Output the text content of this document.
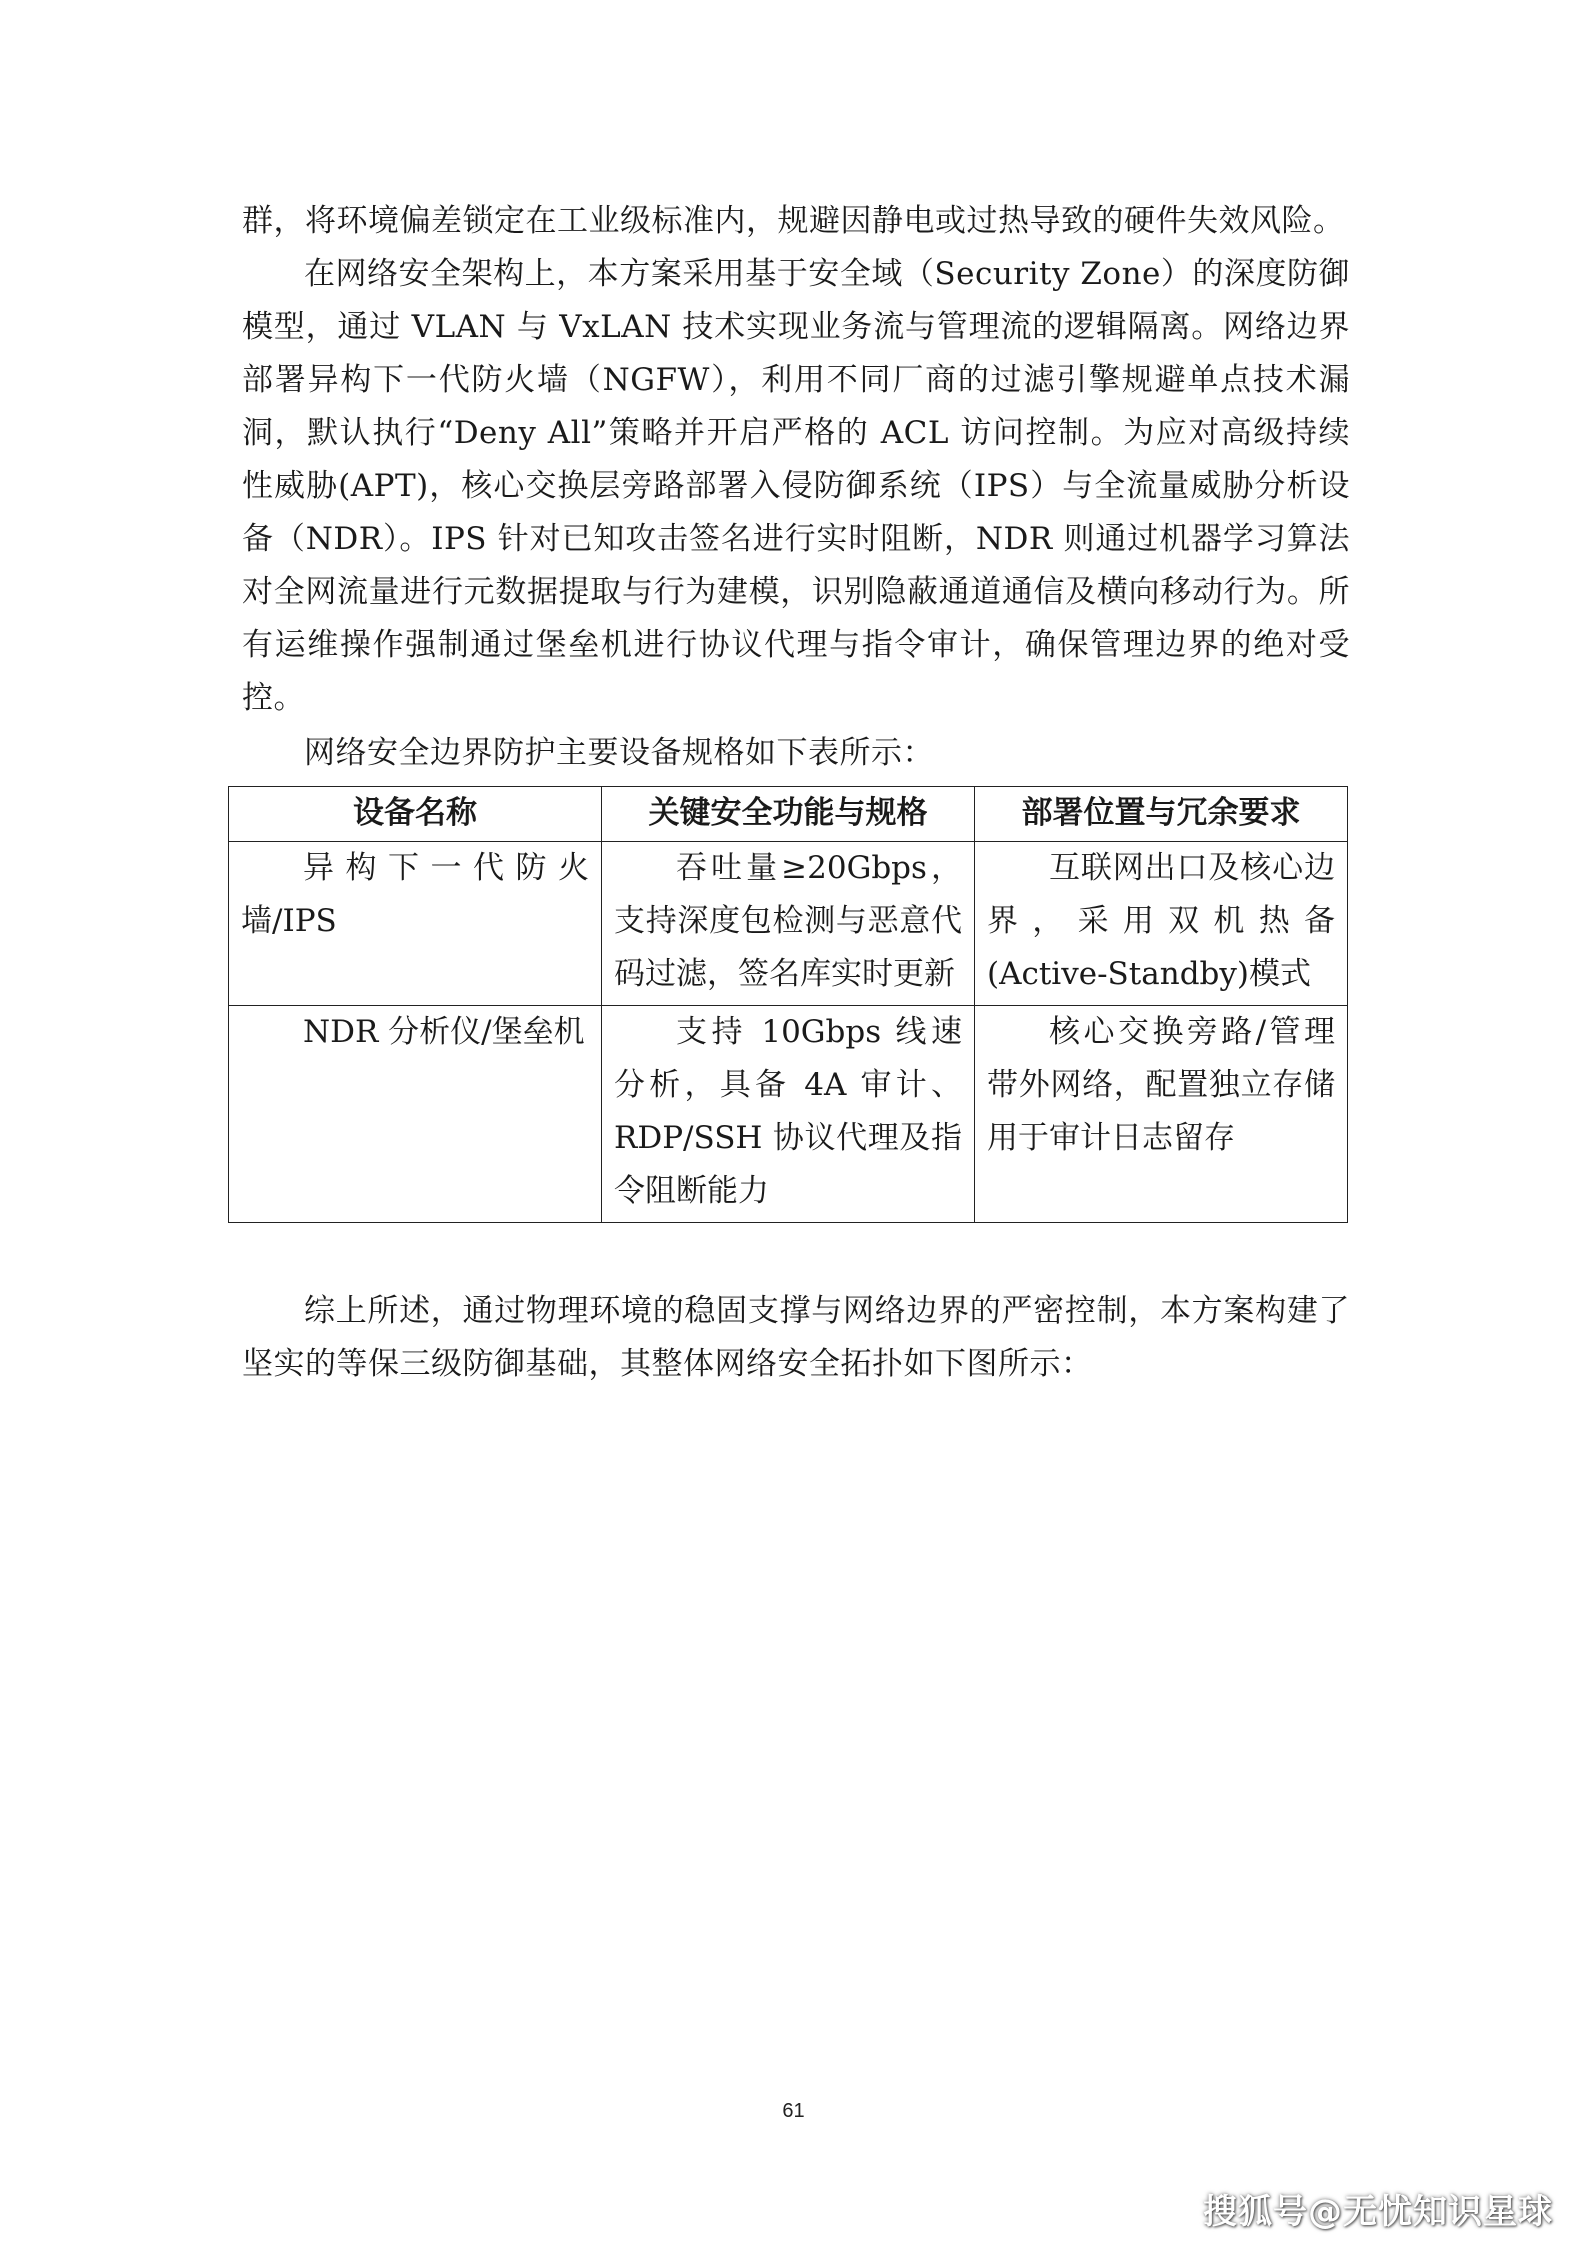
群，将环境偏差锁定在工业级标准内，规避因静电或过热导致的硬件失效风险。

在网络安全架构上，本方案采用基于安全域（Security Zone）的深度防御模型，通过 VLAN 与 VxLAN 技术实现业务流与管理流的逻辑隔离。网络边界部署异构下一代防火墙（NGFW），利用不同厂商的过滤引擎规避单点技术漏洞，默认执行“Deny All”策略并开启严格的 ACL 访问控制。为应对高级持续性威胁(APT)，核心交换层旁路部署入侵防御系统（IPS）与全流量威胁分析设备（NDR）。IPS 针对已知攻击签名进行实时阻断，NDR 则通过机器学习算法对全网流量进行元数据提取与行为建模，识别隐蔽通道通信及横向移动行为。所有运维操作强制通过堡垒机进行协议代理与指令审计，确保管理边界的绝对受控。

网络安全边界防护主要设备规格如下表所示：

设备名称	关键安全功能与规格	部署位置与冗余要求

异构下一代防火墙/IPS	吞吐量≥20Gbps，支持深度包检测与恶意代码过滤，签名库实时更新	互联网出口及核心边界，采用双机热备(Active-Standby)模式

NDR 分析仪/堡垒机	支持 10Gbps 线速分析，具备 4A 审计、RDP/SSH 协议代理及指令阻断能力	核心交换旁路/管理带外网络，配置独立存储用于审计日志留存

综上所述，通过物理环境的稳固支撑与网络边界的严密控制，本方案构建了坚实的等保三级防御基础，其整体网络安全拓扑如下图所示：

61
搜狐号@无忧知识星球
